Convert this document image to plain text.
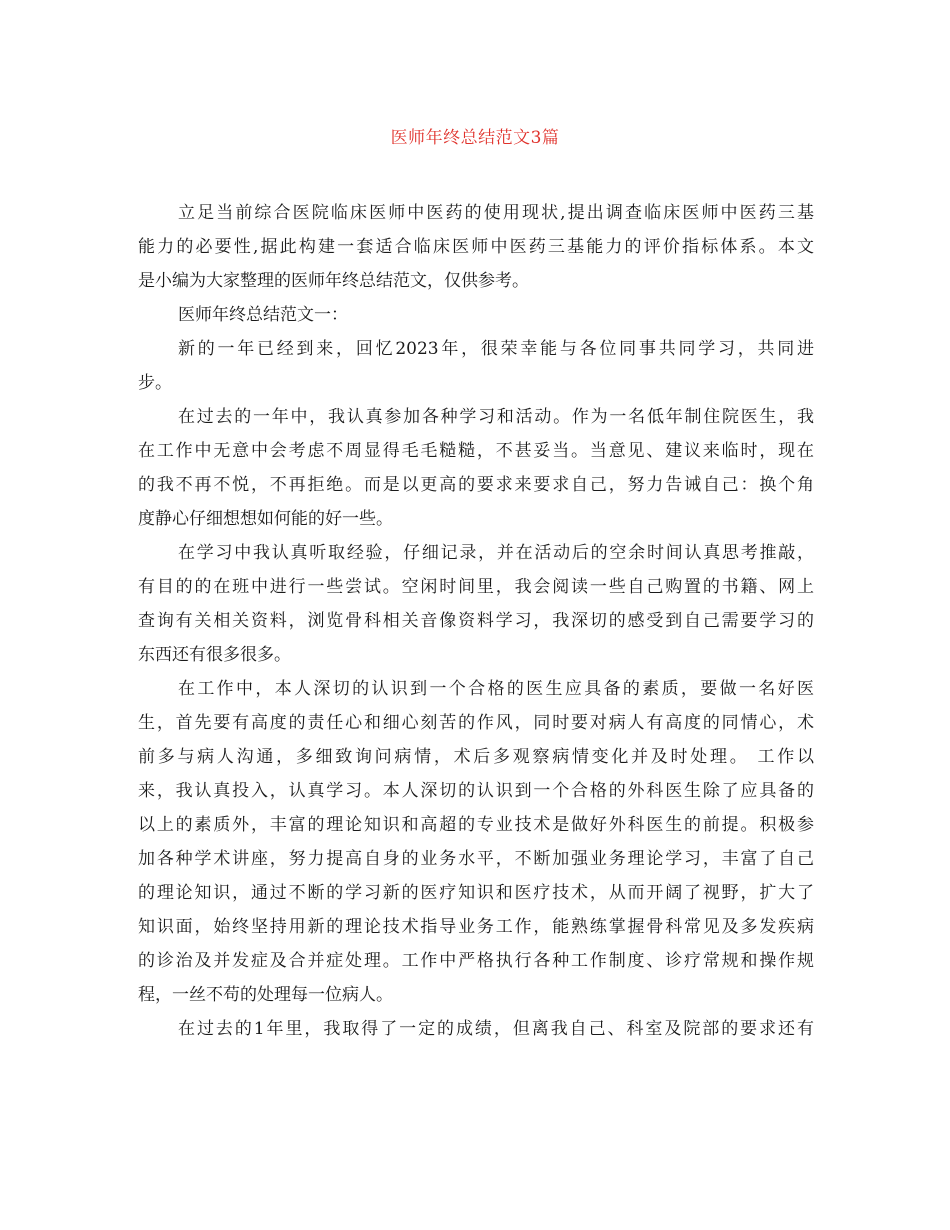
医师年终总结范文3篇
立足当前综合医院临床医师中医药的使用现状,提出调查临床医师中医药三基
能力的必要性,据此构建一套适合临床医师中医药三基能力的评价指标体系。本文
是小编为大家整理的医师年终总结范文，仅供参考。
医师年终总结范文一：
新的一年已经到来，回忆2023年，很荣幸能与各位同事共同学习，共同进
步。
在过去的一年中，我认真参加各种学习和活动。作为一名低年制住院医生，我
在工作中无意中会考虑不周显得毛毛糙糙，不甚妥当。当意见、建议来临时，现在
的我不再不悦，不再拒绝。而是以更高的要求来要求自己，努力告诫自己：换个角
度静心仔细想想如何能的好一些。
在学习中我认真听取经验，仔细记录，并在活动后的空余时间认真思考推敲，
有目的的在班中进行一些尝试。空闲时间里，我会阅读一些自己购置的书籍、网上
查询有关相关资料，浏览骨科相关音像资料学习，我深切的感受到自己需要学习的
东西还有很多很多。
在工作中，本人深切的认识到一个合格的医生应具备的素质，要做一名好医
生，首先要有高度的责任心和细心刻苦的作风，同时要对病人有高度的同情心，术
前多与病人沟通，多细致询问病情，术后多观察病情变化并及时处理。 工作以
来，我认真投入，认真学习。本人深切的认识到一个合格的外科医生除了应具备的
以上的素质外，丰富的理论知识和高超的专业技术是做好外科医生的前提。积极参
加各种学术讲座，努力提高自身的业务水平，不断加强业务理论学习，丰富了自己
的理论知识，通过不断的学习新的医疗知识和医疗技术，从而开阔了视野，扩大了
知识面，始终坚持用新的理论技术指导业务工作，能熟练掌握骨科常见及多发疾病
的诊治及并发症及合并症处理。工作中严格执行各种工作制度、诊疗常规和操作规
程，一丝不苟的处理每一位病人。
在过去的1年里，我取得了一定的成绩，但离我自己、科室及院部的要求还有
